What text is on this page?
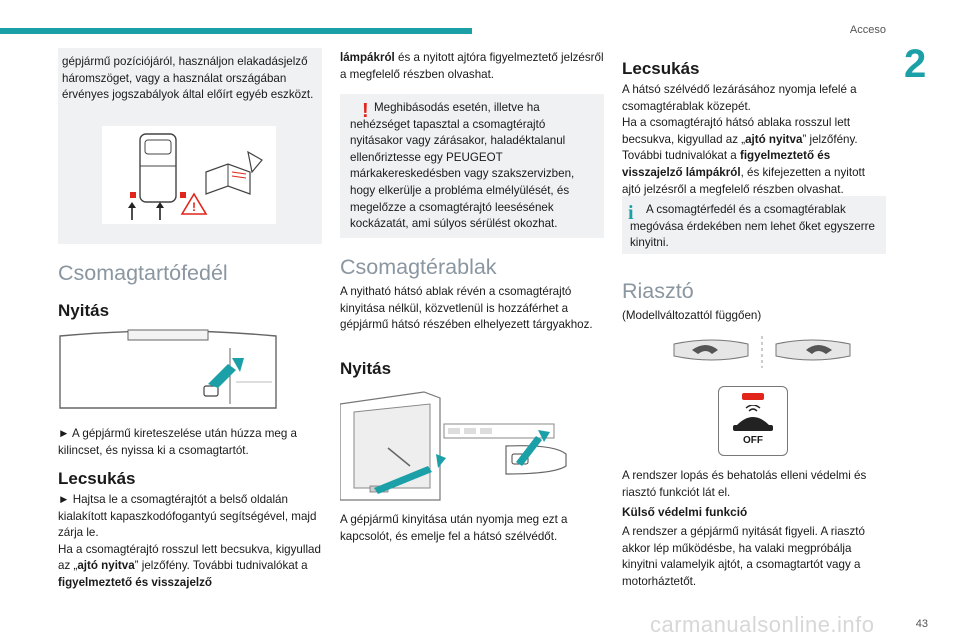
Acceso
2
43
carmanualsonline.info

gépjármű pozíciójáról, használjon elakadásjelző háromszöget, vagy a használat országában érvényes jogszabályok által előírt egyéb eszközt.

!
Csomagtartófedél
Nyitás

► A gépjármű kireteszelése után húzza meg a kilincset, és nyissa ki a csomagtartót.

Lecsukás

► Hajtsa le a csomagtérajtót a belső oldalán kialakított kapaszkodófogantyú segítségével, majd zárja le.

Ha a csomagtérajtó rosszul lett becsukva, kigyullad az „ajtó nyitva” jelzőfény. További tudnivalókat a figyelmeztető és visszajelző

lámpákról és a nyitott ajtóra figyelmeztető jelzésről a megfelelő részben olvashat.

! Meghibásodás esetén, illetve ha nehézséget tapasztal a csomagtérajtó nyitásakor vagy zárásakor, haladéktalanul ellenőriztesse egy PEUGEOT márkakereskedésben vagy szakszervizben, hogy elkerülje a probléma elmélyülését, és megelőzze a csomagtérajtó leesésének kockázatát, ami súlyos sérülést okozhat.

Csomagtérablak

A nyitható hátsó ablak révén a csomagtérajtó kinyitása nélkül, közvetlenül is hozzáférhet a gépjármű hátsó részében elhelyezett tárgyakhoz.

Nyitás

A gépjármű kinyitása után nyomja meg ezt a kapcsolót, és emelje fel a hátsó szélvédőt.

Lecsukás

A hátsó szélvédő lezárásához nyomja lefelé a csomagtérablak közepét.

Ha a csomagtérajtó hátsó ablaka rosszul lett becsukva, kigyullad az „ajtó nyitva” jelzőfény. További tudnivalókat a figyelmeztető és visszajelző lámpákról, és kifejezetten a nyitott ajtó jelzésről a megfelelő részben olvashat.

i	A csomagtérfedél és a csomagtérablak megóvása érdekében nem lehet őket egyszerre kinyitni.

Riasztó

(Modellváltozattól függően)

OFF

A rendszer lopás és behatolás elleni védelmi és riasztó funkciót lát el.

Külső védelmi funkció

A rendszer a gépjármű nyitását figyeli. A riasztó akkor lép működésbe, ha valaki megpróbálja kinyitni valamelyik ajtót, a csomagtartót vagy a motorháztetőt.
